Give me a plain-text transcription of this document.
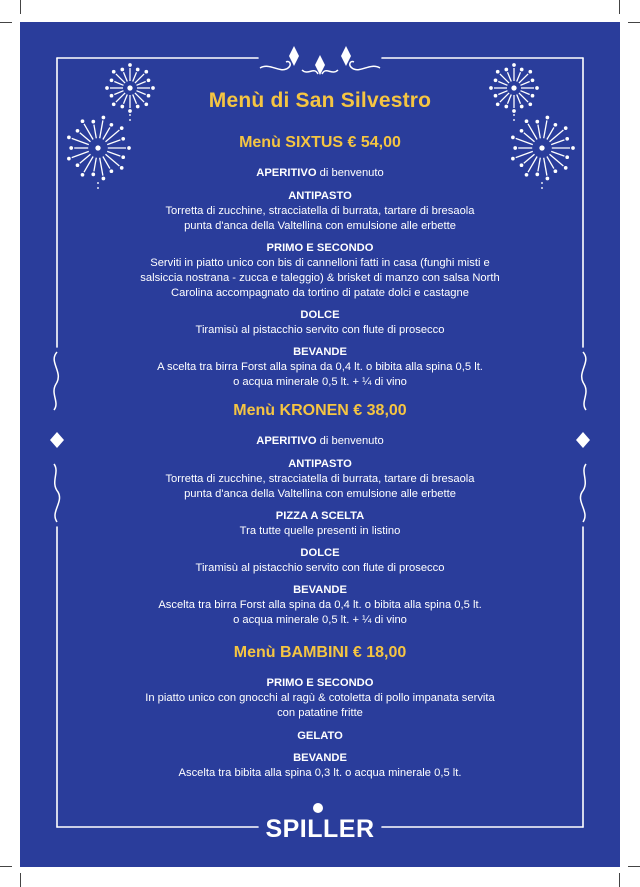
Menù di San Silvestro

Menù SIXTUS € 54,00

APERITIVO di benvenuto

ANTIPASTO
Torretta di zucchine, stracciatella di burrata, tartare di bresaola
punta d'anca della Valtellina con emulsione alle erbette

PRIMO E SECONDO
Serviti in piatto unico con bis di cannelloni fatti in casa (funghi misti e
salsiccia nostrana - zucca e taleggio) & brisket di manzo con salsa North
Carolina accompagnato da tortino di patate dolci e castagne

DOLCE
Tiramisù al pistacchio servito con flute di prosecco

BEVANDE
A scelta tra birra Forst alla spina da 0,4 lt. o bibita alla spina 0,5 lt.
o acqua minerale 0,5 lt. + ¼ di vino

Menù KRONEN € 38,00

APERITIVO di benvenuto

ANTIPASTO
Torretta di zucchine, stracciatella di burrata, tartare di bresaola
punta d'anca della Valtellina con emulsione alle erbette

PIZZA A SCELTA
Tra tutte quelle presenti in listino

DOLCE
Tiramisù al pistacchio servito con flute di prosecco

BEVANDE
Ascelta tra birra Forst alla spina da 0,4 lt. o bibita alla spina 0,5 lt.
o acqua minerale 0,5 lt. + ¼ di vino

Menù BAMBINI € 18,00

PRIMO E SECONDO
In piatto unico con gnocchi al ragù & cotoletta di pollo impanata servita
con patatine fritte

GELATO

BEVANDE
Ascelta tra bibita alla spina 0,3 lt. o acqua minerale 0,5 lt.

SPILLER
